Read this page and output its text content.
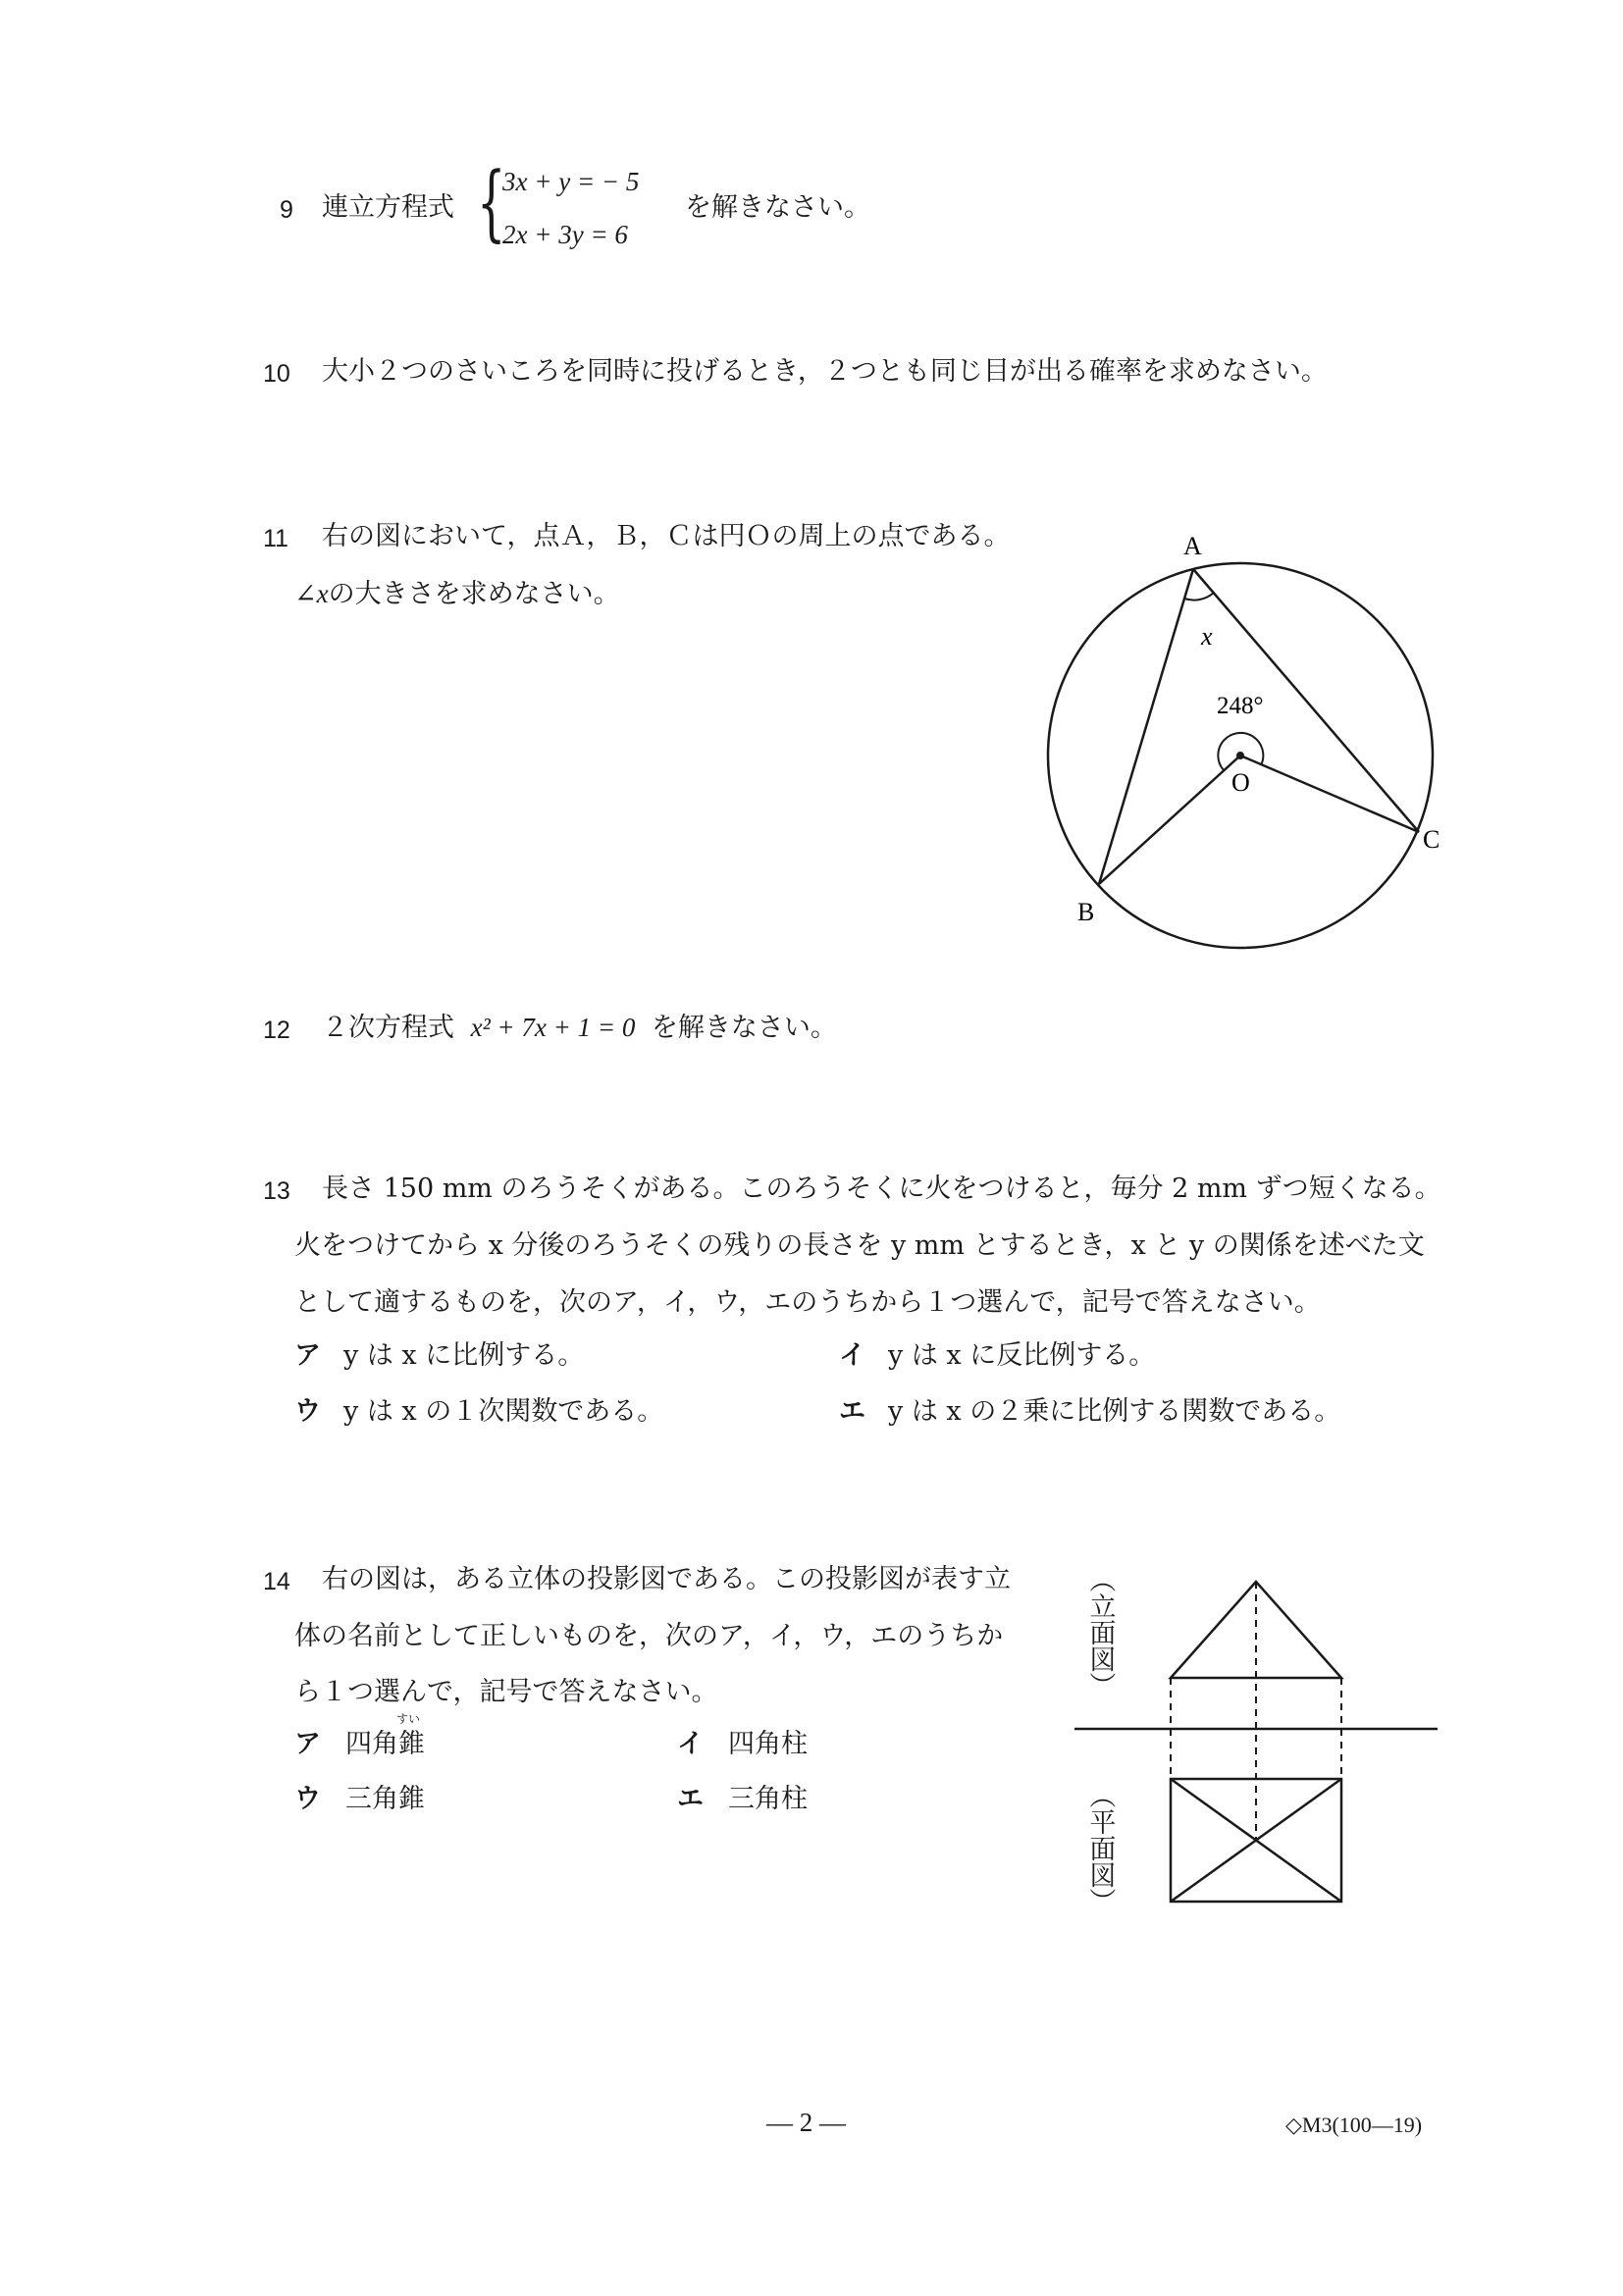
9 連立方程式 {
3x + y = − 5
2x + 3y = 6
を解きなさい。
10 大小２つのさいころを同時に投げるとき，２つとも同じ目が出る確率を求めなさい。
11 右の図において，点Ａ，Ｂ，Ｃは円Ｏの周上の点である。
∠xの大きさを求めなさい。
A
B
C
O
x
248°
12 ２次方程式 x² + 7x + 1 = 0 を解きなさい。
13 長さ 150 mm のろうそくがある。このろうそくに火をつけると，毎分 2 mm ずつ短くなる。
火をつけてから x 分後のろうそくの残りの長さを y mm とするとき，x と y の関係を述べた文
として適するものを，次のア，イ，ウ，エのうちから１つ選んで，記号で答えなさい。
ア y は x に比例する。	イ y は x に反比例する。
ウ y は x の１次関数である。	エ y は x の２乗に比例する関数である。
14 右の図は，ある立体の投影図である。この投影図が表す立
体の名前として正しいものを，次のア，イ，ウ，エのうちか
ら１つ選んで，記号で答えなさい。
すい
ア 四角錐	イ 四角柱
ウ 三角錐	エ 三角柱
（立面図）
（平面図）
— 2 —	◇M3(100—19)
